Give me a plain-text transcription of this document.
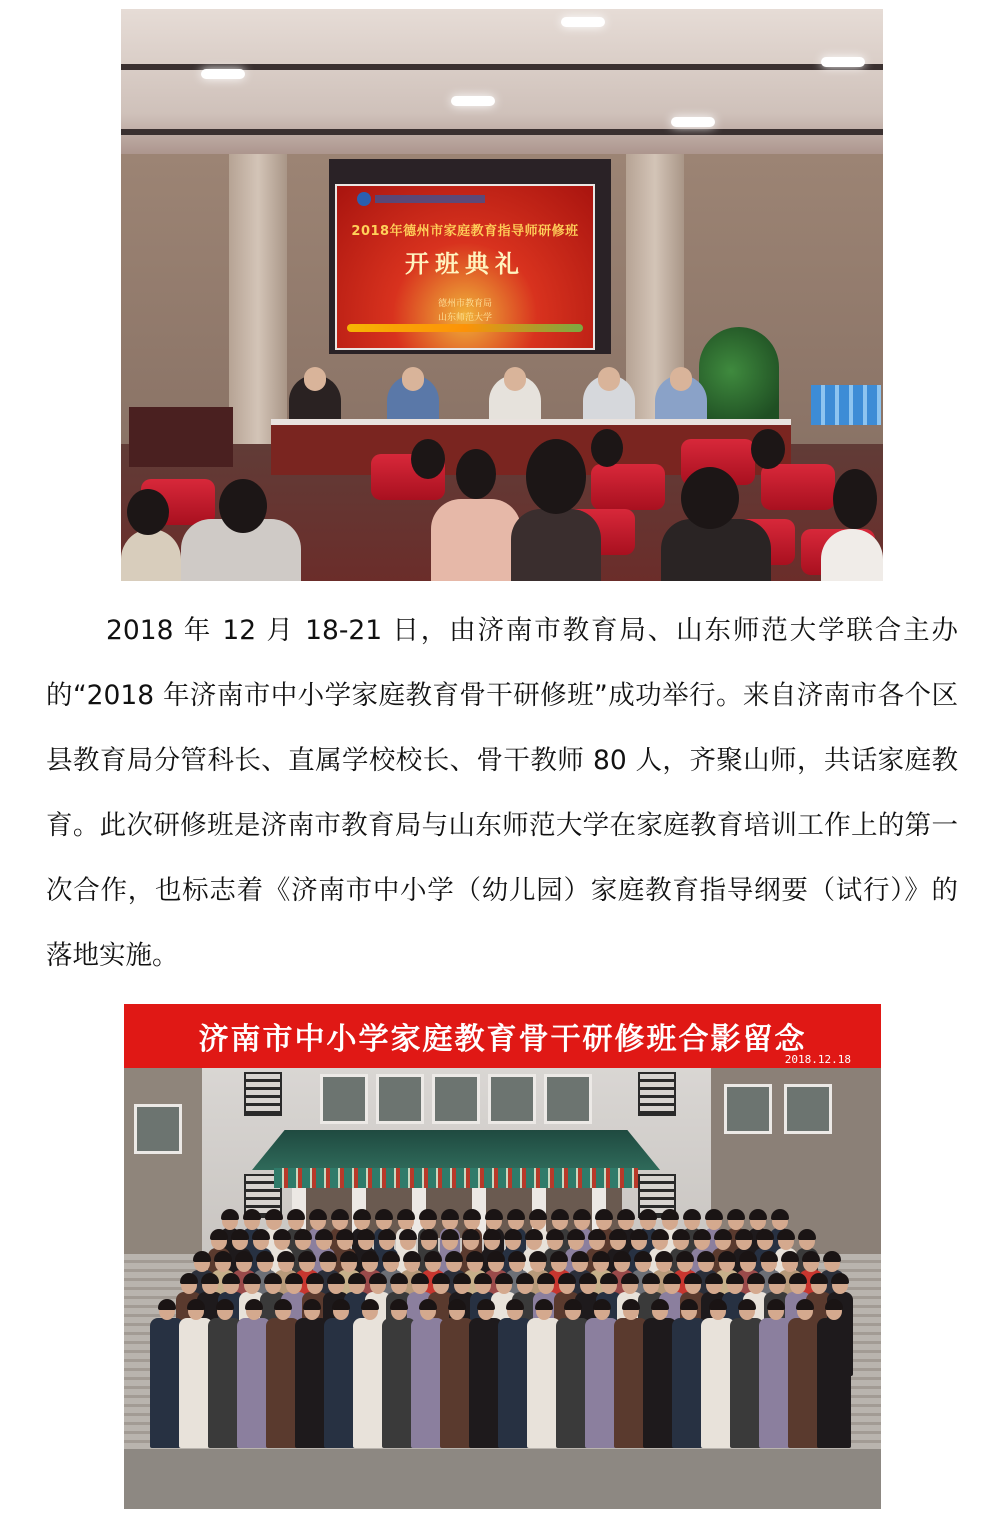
2018年德州市家庭教育指导师研修班
开班典礼
德州市教育局
山东师范大学

2018 年 12 月 18-21 日，由济南市教育局、山东师范大学联合主办的“2018 年济南市中小学家庭教育骨干研修班”成功举行。来自济南市各个区县教育局分管科长、直属学校校长、骨干教师 80 人，齐聚山师，共话家庭教育。此次研修班是济南市教育局与山东师范大学在家庭教育培训工作上的第一次合作，也标志着《济南市中小学（幼儿园）家庭教育指导纲要（试行）》的落地实施。

济南市中小学家庭教育骨干研修班合影留念
2018.12.18
